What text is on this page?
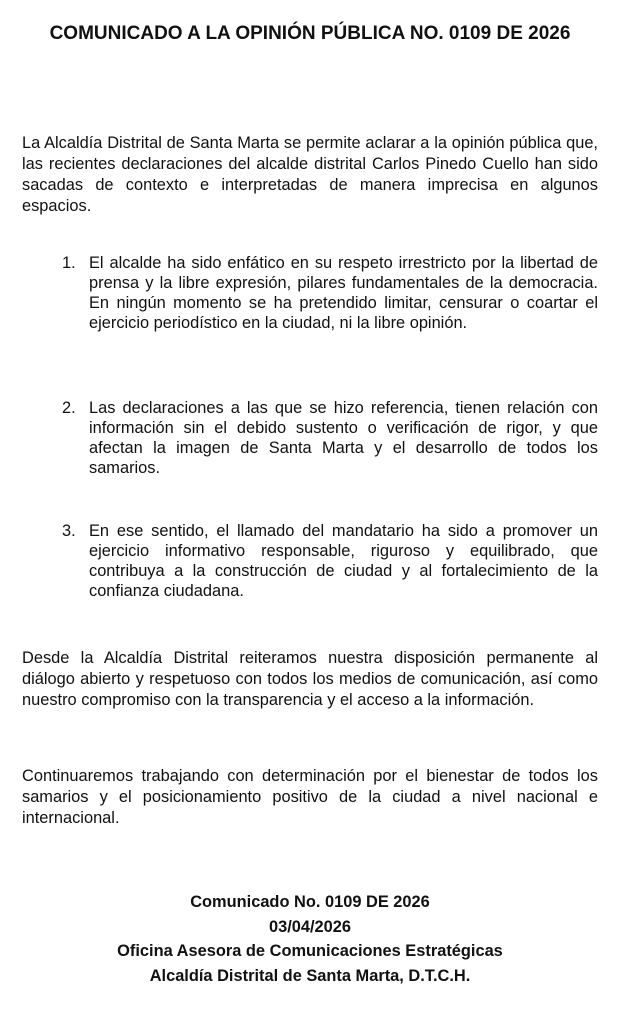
COMUNICADO A LA OPINIÓN PÚBLICA NO. 0109 DE 2026

La Alcaldía Distrital de Santa Marta se permite aclarar a la opinión pública que, las recientes declaraciones del alcalde distrital Carlos Pinedo Cuello han sido sacadas de contexto e interpretadas de manera imprecisa en algunos espacios.

1. El alcalde ha sido enfático en su respeto irrestricto por la libertad de prensa y la libre expresión, pilares fundamentales de la democracia. En ningún momento se ha pretendido limitar, censurar o coartar el ejercicio periodístico en la ciudad, ni la libre opinión.
2. Las declaraciones a las que se hizo referencia, tienen relación con información sin el debido sustento o verificación de rigor, y que afectan la imagen de Santa Marta y el desarrollo de todos los samarios.
3. En ese sentido, el llamado del mandatario ha sido a promover un ejercicio informativo responsable, riguroso y equilibrado, que contribuya a la construcción de ciudad y al fortalecimiento de la confianza ciudadana.

Desde la Alcaldía Distrital reiteramos nuestra disposición permanente al diálogo abierto y respetuoso con todos los medios de comunicación, así como nuestro compromiso con la transparencia y el acceso a la información.

Continuaremos trabajando con determinación por el bienestar de todos los samarios y el posicionamiento positivo de la ciudad a nivel nacional e internacional.

Comunicado No. 0109 DE 2026
03/04/2026
Oficina Asesora de Comunicaciones Estratégicas
Alcaldía Distrital de Santa Marta, D.T.C.H.
